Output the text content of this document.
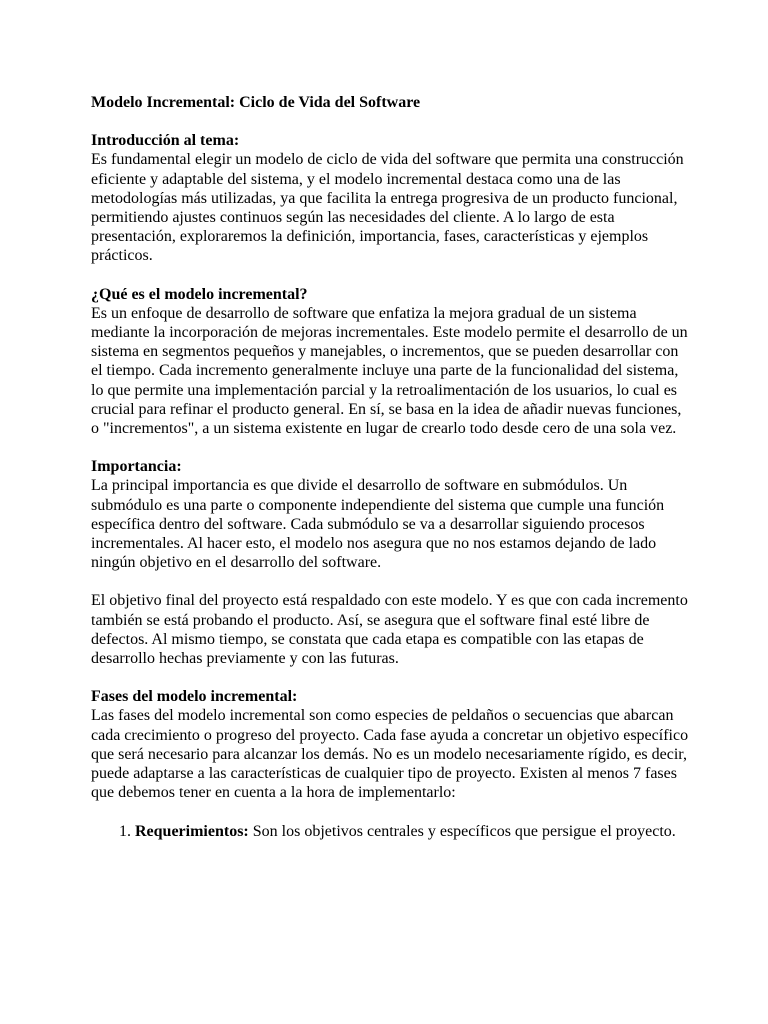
Modelo Incremental: Ciclo de Vida del Software
Introducción al tema:
Es fundamental elegir un modelo de ciclo de vida del software que permita una construcción eficiente y adaptable del sistema, y el modelo incremental destaca como una de las metodologías más utilizadas, ya que facilita la entrega progresiva de un producto funcional, permitiendo ajustes continuos según las necesidades del cliente. A lo largo de esta presentación, exploraremos la definición, importancia, fases, características y ejemplos prácticos.
¿Qué es el modelo incremental?
Es un enfoque de desarrollo de software que enfatiza la mejora gradual de un sistema mediante la incorporación de mejoras incrementales. Este modelo permite el desarrollo de un sistema en segmentos pequeños y manejables, o incrementos, que se pueden desarrollar con el tiempo. Cada incremento generalmente incluye una parte de la funcionalidad del sistema, lo que permite una implementación parcial y la retroalimentación de los usuarios, lo cual es crucial para refinar el producto general. En sí, se basa en la idea de añadir nuevas funciones, o "incrementos", a un sistema existente en lugar de crearlo todo desde cero de una sola vez.
Importancia:
La principal importancia es que divide el desarrollo de software en submódulos. Un submódulo es una parte o componente independiente del sistema que cumple una función específica dentro del software. Cada submódulo se va a desarrollar siguiendo procesos incrementales. Al hacer esto, el modelo nos asegura que no nos estamos dejando de lado ningún objetivo en el desarrollo del software.
El objetivo final del proyecto está respaldado con este modelo. Y es que con cada incremento también se está probando el producto. Así, se asegura que el software final esté libre de defectos. Al mismo tiempo, se constata que cada etapa es compatible con las etapas de desarrollo hechas previamente y con las futuras.
Fases del modelo incremental:
Las fases del modelo incremental son como especies de peldaños o secuencias que abarcan cada crecimiento o progreso del proyecto. Cada fase ayuda a concretar un objetivo específico que será necesario para alcanzar los demás. No es un modelo necesariamente rígido, es decir, puede adaptarse a las características de cualquier tipo de proyecto. Existen al menos 7 fases que debemos tener en cuenta a la hora de implementarlo:
1. Requerimientos: Son los objetivos centrales y específicos que persigue el proyecto.
